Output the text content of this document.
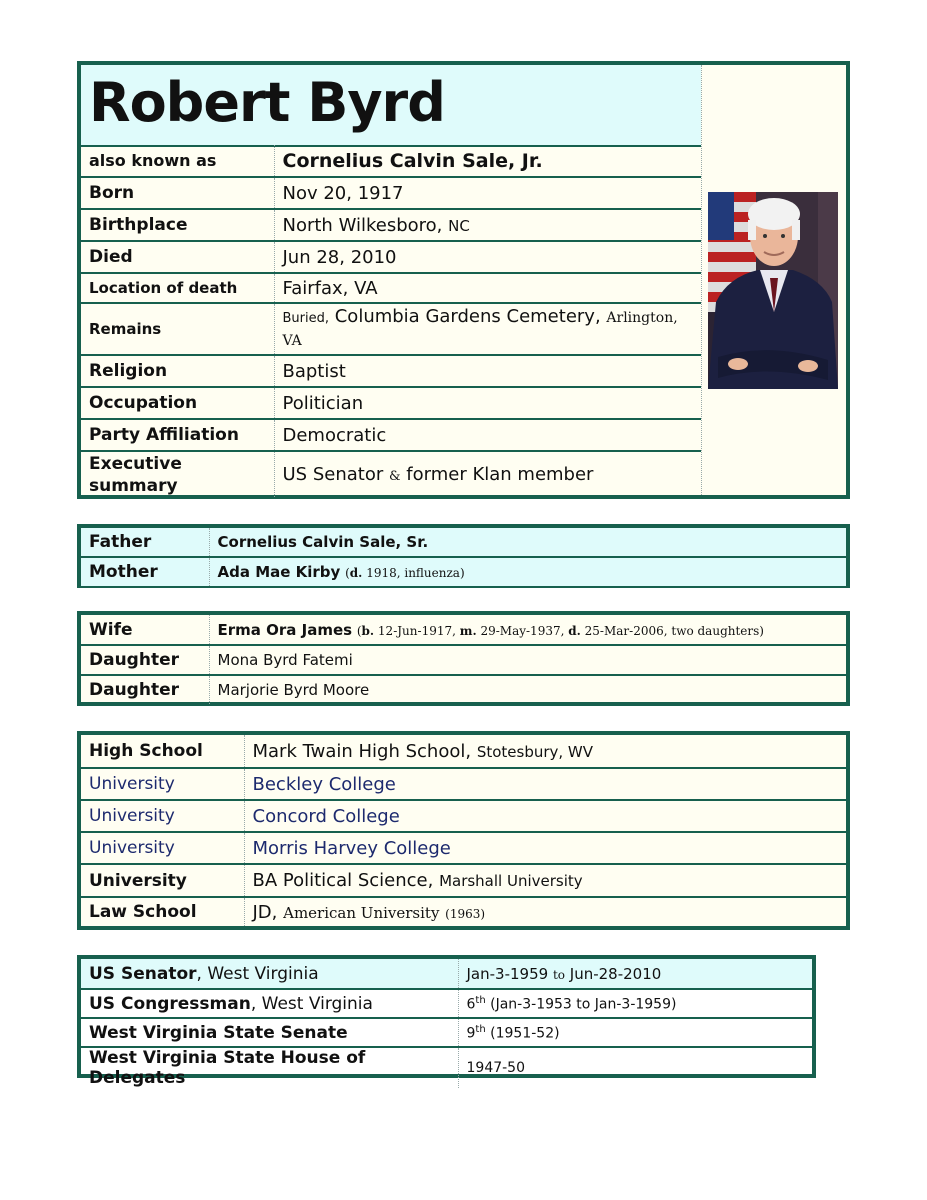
Robert Byrd
also known as	Cornelius Calvin Sale, Jr.
Born	Nov 20, 1917
Birthplace	North Wilkesboro, NC
Died	Jun 28, 2010
Location of death	Fairfax, VA
Remains	Buried, Columbia Gardens Cemetery, Arlington, VA
Religion	Baptist
Occupation	Politician
Party Affiliation	Democratic
Executive summary	US Senator & former Klan member
Father	Cornelius Calvin Sale, Sr.
Mother	Ada Mae Kirby (d. 1918, influenza)
Wife	Erma Ora James (b. 12-Jun-1917, m. 29-May-1937, d. 25-Mar-2006, two daughters)
Daughter	Mona Byrd Fatemi
Daughter	Marjorie Byrd Moore
High School	Mark Twain High School, Stotesbury, WV
University	Beckley College
University	Concord College
University	Morris Harvey College
University	BA Political Science, Marshall University
Law School	JD, American University (1963)
US Senator, West Virginia	Jan-3-1959 to Jun-28-2010
US Congressman, West Virginia	6th (Jan-3-1953 to Jan-3-1959)
West Virginia State Senate	9th (1951-52)
West Virginia State House of Delegates	1947-50
